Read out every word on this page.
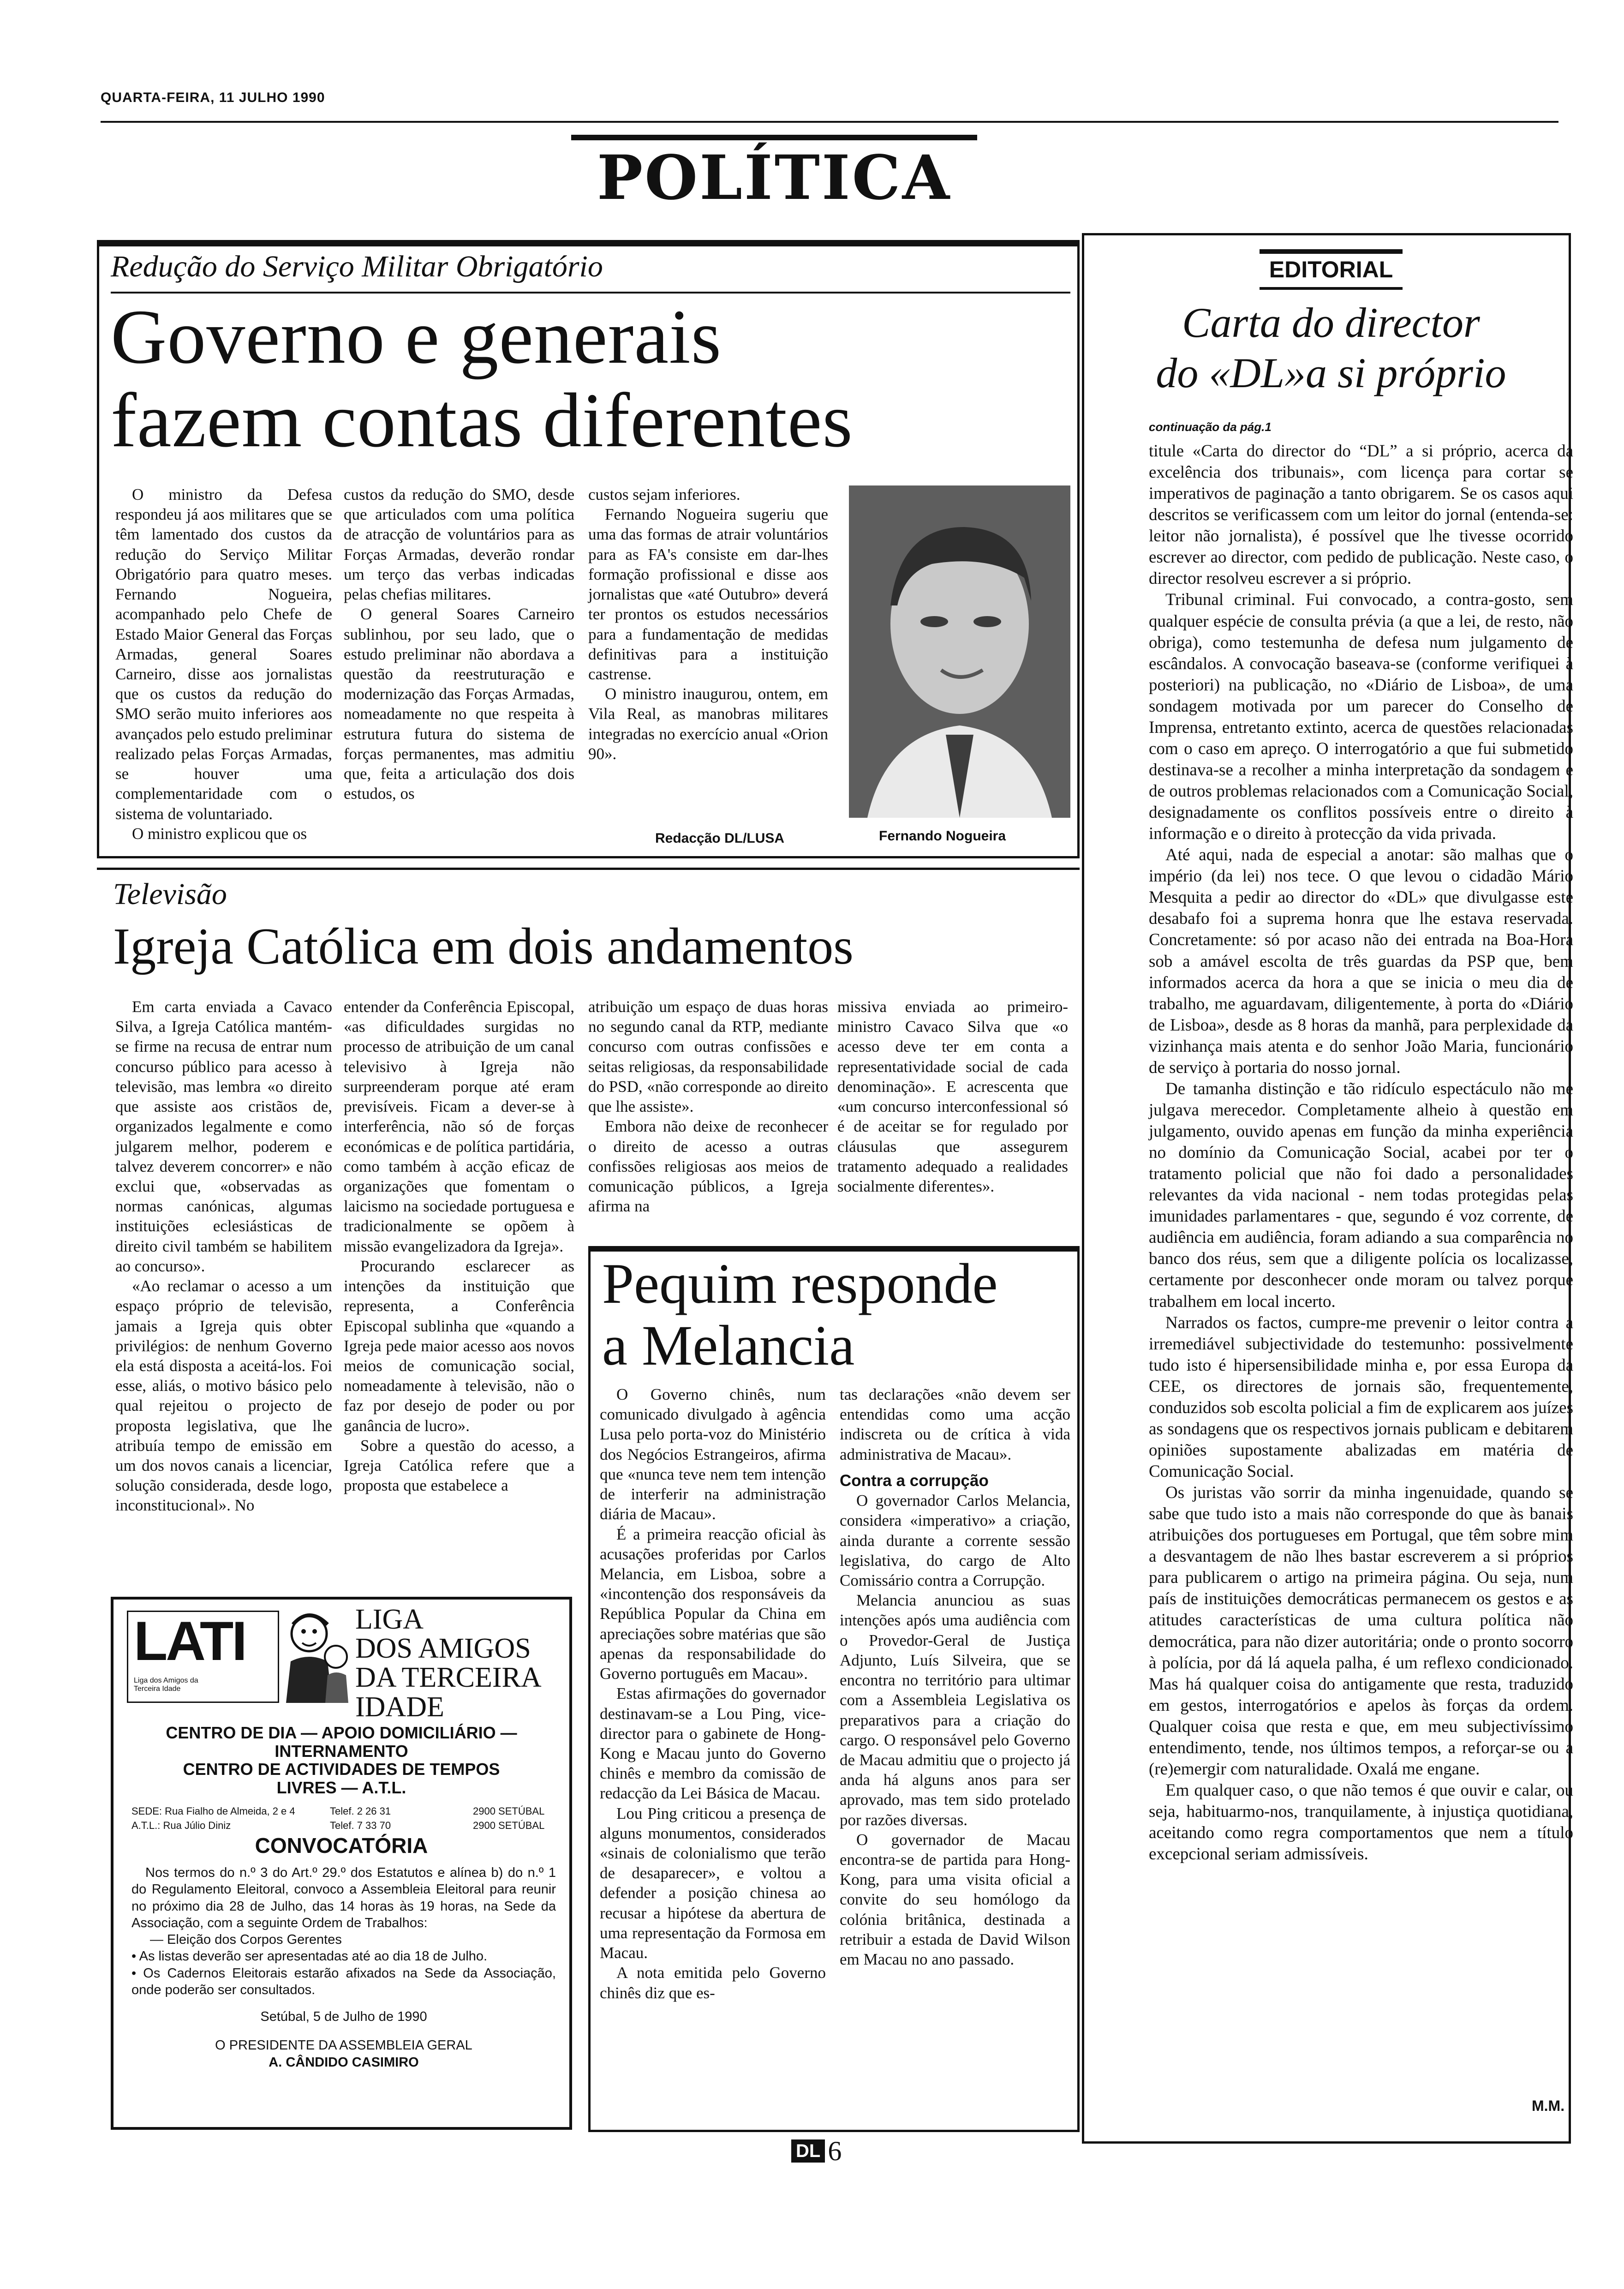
QUARTA-FEIRA, 11 JULHO 1990
POLÍTICA
Redução do Serviço Militar Obrigatório
Governo e generais
fazem contas diferentes

O ministro da Defesa respondeu já aos militares que se têm lamentado dos custos da redução do Serviço Militar Obrigatório para quatro meses. Fernando Nogueira, acompanhado pelo Chefe de Estado Maior General das Forças Armadas, general Soares Carneiro, disse aos jornalistas que os custos da redução do SMO serão muito inferiores aos avançados pelo estudo preliminar realizado pelas Forças Armadas, se houver uma complementaridade com o sistema de voluntariado.

O ministro explicou que os

custos da redução do SMO, desde que articulados com uma política de atracção de voluntários para as Forças Armadas, deverão rondar um terço das verbas indicadas pelas chefias militares.

O general Soares Carneiro sublinhou, por seu lado, que o estudo preliminar não abordava a questão da reestruturação e modernização das Forças Armadas, nomeadamente no que respeita à estrutura futura do sistema de forças permanentes, mas admitiu que, feita a articulação dos dois estudos, os

custos sejam inferiores.

Fernando Nogueira sugeriu que uma das formas de atrair voluntários para as FA's consiste em dar-lhes formação profissional e disse aos jornalistas que «até Outubro» deverá ter prontos os estudos necessários para a fundamentação de medidas definitivas para a instituição castrense.

O ministro inaugurou, ontem, em Vila Real, as manobras militares integradas no exercício anual «Orion 90».

Redacção DL/LUSA	Fernando Nogueira
Televisão
Igreja Católica em dois andamentos

Em carta enviada a Cavaco Silva, a Igreja Católica mantém-se firme na recusa de entrar num concurso público para acesso à televisão, mas lembra «o direito que assiste aos cristãos de, organizados legalmente e como julgarem melhor, poderem e talvez deverem concorrer» e não exclui que, «observadas as normas canónicas, algumas instituições eclesiásticas de direito civil também se habilitem ao concurso».

«Ao reclamar o acesso a um espaço próprio de televisão, jamais a Igreja quis obter privilégios: de nenhum Governo ela está disposta a aceitá-los. Foi esse, aliás, o motivo básico pelo qual rejeitou o projecto de proposta legislativa, que lhe atribuía tempo de emissão em um dos novos canais a licenciar, solução considerada, desde logo, inconstitucional». No

entender da Conferência Episcopal, «as dificuldades surgidas no processo de atribuição de um canal televisivo à Igreja não surpreenderam porque até eram previsíveis. Ficam a dever-se à interferência, não só de forças económicas e de política partidária, como também à acção eficaz de organizações que fomentam o laicismo na sociedade portuguesa e tradicionalmente se opõem à missão evangelizadora da Igreja».

Procurando esclarecer as intenções da instituição que representa, a Conferência Episcopal sublinha que «quando a Igreja pede maior acesso aos novos meios de comunicação social, nomeadamente à televisão, não o faz por desejo de poder ou por ganância de lucro».

Sobre a questão do acesso, a Igreja Católica refere que a proposta que estabelece a

atribuição um espaço de duas horas no segundo canal da RTP, mediante concurso com outras confissões e seitas religiosas, da responsabilidade do PSD, «não corresponde ao direito que lhe assiste».

Embora não deixe de reconhecer o direito de acesso a outras confissões religiosas aos meios de comunicação públicos, a Igreja afirma na

missiva enviada ao primeiro-ministro Cavaco Silva que «o acesso deve ter em conta a representatividade social de cada denominação». E acrescenta que «um concurso interconfessional só é de aceitar se for regulado por cláusulas que assegurem tratamento adequado a realidades socialmente diferentes».

Pequim responde
a Melancia

O Governo chinês, num comunicado divulgado à agência Lusa pelo porta-voz do Ministério dos Negócios Estrangeiros, afirma que «nunca teve nem tem intenção de interferir na administração diária de Macau».

É a primeira reacção oficial às acusações proferidas por Carlos Melancia, em Lisboa, sobre a «incontenção dos responsáveis da República Popular da China em apreciações sobre matérias que são apenas da responsabilidade do Governo português em Macau».

Estas afirmações do governador destinavam-se a Lou Ping, vice-director para o gabinete de Hong-Kong e Macau junto do Governo chinês e membro da comissão de redacção da Lei Básica de Macau.

Lou Ping criticou a presença de alguns monumentos, considerados «sinais de colonialismo que terão de desaparecer», e voltou a defender a posição chinesa ao recusar a hipótese da abertura de uma representação da Formosa em Macau.

A nota emitida pelo Governo chinês diz que es-

tas declarações «não devem ser entendidas como uma acção indiscreta ou de crítica à vida administrativa de Macau».

Contra a corrupção

O governador Carlos Melancia, considera «imperativo» a criação, ainda durante a corrente sessão legislativa, do cargo de Alto Comissário contra a Corrupção.

Melancia anunciou as suas intenções após uma audiência com o Provedor-Geral de Justiça Adjunto, Luís Silveira, que se encontra no território para ultimar com a Assembleia Legislativa os preparativos para a criação do cargo. O responsável pelo Governo de Macau admitiu que o projecto já anda há alguns anos para ser aprovado, mas tem sido protelado por razões diversas.

O governador de Macau encontra-se de partida para Hong-Kong, para uma visita oficial a convite do seu homólogo da colónia britânica, destinada a retribuir a estada de David Wilson em Macau no ano passado.

LATI
Liga dos Amigos da Terceira Idade
LIGA
DOS AMIGOS
DA TERCEIRA
IDADE
CENTRO DE DIA — APOIO DOMICILIÁRIO —
INTERNAMENTO
CENTRO DE ACTIVIDADES DE TEMPOS
LIVRES — A.T.L.
SEDE: Rua Fialho de Almeida, 2 e 4	Telef. 2 26 31	2900 SETÚBAL
A.T.L.: Rua Júlio Diniz	Telef. 7 33 70	2900 SETÚBAL
CONVOCATÓRIA
Nos termos do n.º 3 do Art.º 29.º dos Estatutos e alínea b) do n.º 1 do Regulamento Eleitoral, convoco a Assembleia Eleitoral para reunir no próximo dia 28 de Julho, das 14 horas às 19 horas, na Sede da Associação, com a seguinte Ordem de Trabalhos:
— Eleição dos Corpos Gerentes
• As listas deverão ser apresentadas até ao dia 18 de Julho.
• Os Cadernos Eleitorais estarão afixados na Sede da Associação, onde poderão ser consultados.
Setúbal, 5 de Julho de 1990
O PRESIDENTE DA ASSEMBLEIA GERAL
A. CÂNDIDO CASIMIRO
EDITORIAL
Carta do director
do «DL»a si próprio
continuação da pág.1

titule «Carta do director do “DL” a si próprio, acerca da excelência dos tribunais», com licença para cortar se imperativos de paginação a tanto obrigarem. Se os casos aqui descritos se verificassem com um leitor do jornal (entenda-se: leitor não jornalista), é possível que lhe tivesse ocorrido escrever ao director, com pedido de publicação. Neste caso, o director resolveu escrever a si próprio.

Tribunal criminal. Fui convocado, a contra-gosto, sem qualquer espécie de consulta prévia (a que a lei, de resto, não obriga), como testemunha de defesa num julgamento de escândalos. A convocação baseava-se (conforme verifiquei à posteriori) na publicação, no «Diário de Lisboa», de uma sondagem motivada por um parecer do Conselho de Imprensa, entretanto extinto, acerca de questões relacionadas com o caso em apreço. O interrogatório a que fui submetido destinava-se a recolher a minha interpretação da sondagem e de outros problemas relacionados com a Comunicação Social, designadamente os conflitos possíveis entre o direito à informação e o direito à protecção da vida privada.

Até aqui, nada de especial a anotar: são malhas que o império (da lei) nos tece. O que levou o cidadão Mário Mesquita a pedir ao director do «DL» que divulgasse este desabafo foi a suprema honra que lhe estava reservada. Concretamente: só por acaso não dei entrada na Boa-Hora sob a amável escolta de três guardas da PSP que, bem informados acerca da hora a que se inicia o meu dia de trabalho, me aguardavam, diligentemente, à porta do «Diário de Lisboa», desde as 8 horas da manhã, para perplexidade da vizinhança mais atenta e do senhor João Maria, funcionário de serviço à portaria do nosso jornal.

De tamanha distinção e tão ridículo espectáculo não me julgava merecedor. Completamente alheio à questão em julgamento, ouvido apenas em função da minha experiência no domínio da Comunicação Social, acabei por ter o tratamento policial que não foi dado a personalidades relevantes da vida nacional - nem todas protegidas pelas imunidades parlamentares - que, segundo é voz corrente, de audiência em audiência, foram adiando a sua comparência no banco dos réus, sem que a diligente polícia os localizasse, certamente por desconhecer onde moram ou talvez porque trabalhem em local incerto.

Narrados os factos, cumpre-me prevenir o leitor contra a irremediável subjectividade do testemunho: possivelmente tudo isto é hipersensibilidade minha e, por essa Europa da CEE, os directores de jornais são, frequentemente, conduzidos sob escolta policial a fim de explicarem aos juízes as sondagens que os respectivos jornais publicam e debitarem opiniões supostamente abalizadas em matéria de Comunicação Social.

Os juristas vão sorrir da minha ingenuidade, quando se sabe que tudo isto a mais não corresponde do que às banais atribuições dos portugueses em Portugal, que têm sobre mim a desvantagem de não lhes bastar escreverem a si próprios para publicarem o artigo na primeira página. Ou seja, num país de instituições democráticas permanecem os gestos e as atitudes características de uma cultura política não democrática, para não dizer autoritária; onde o pronto socorro à polícia, por dá lá aquela palha, é um reflexo condicionado. Mas há qualquer coisa do antigamente que resta, traduzido em gestos, interrogatórios e apelos às forças da ordem. Qualquer coisa que resta e que, em meu subjectivíssimo entendimento, tende, nos últimos tempos, a reforçar-se ou a (re)emergir com naturalidade. Oxalá me engane.

Em qualquer caso, o que não temos é que ouvir e calar, ou seja, habituarmo-nos, tranquilamente, à injustiça quotidiana, aceitando como regra comportamentos que nem a título excepcional seriam admissíveis.

M.M.
DL 6
